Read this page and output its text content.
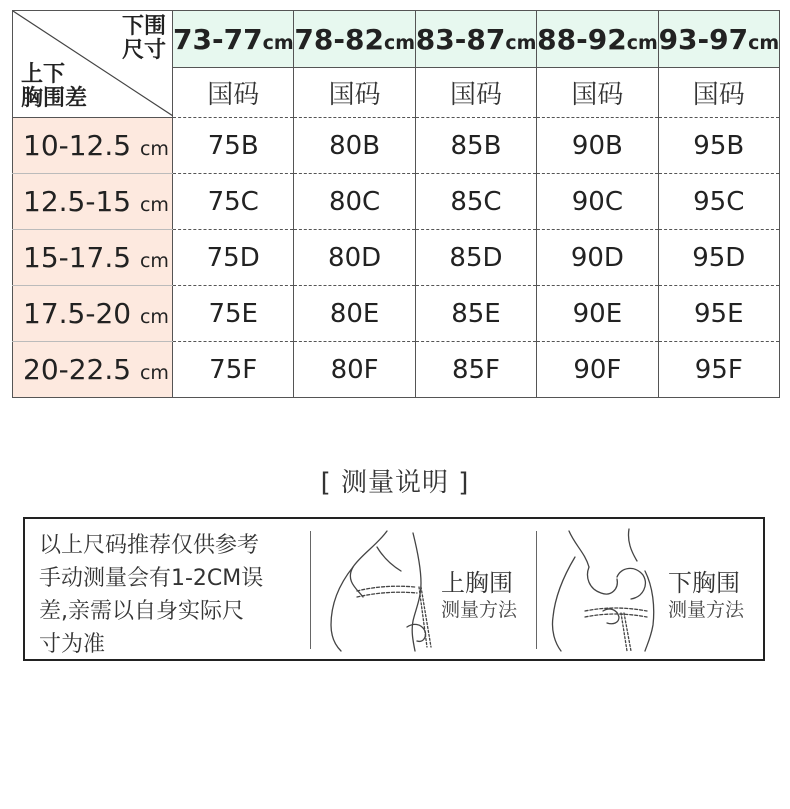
下围
尺寸
上下
胸围差	73-77cm	78-82cm	83-87cm	88-92cm	93-97cm
	国码	国码	国码	国码	国码
10-12.5 cm	75B	80B	85B	90B	95B
12.5-15 cm	75C	80C	85C	90C	95C
15-17.5 cm	75D	80D	85D	90D	95D
17.5-20 cm	75E	80E	85E	90E	95E
20-22.5 cm	75F	80F	85F	90F	95F
[ 测量说明 ]
以上尺码推荐仅供参考
手动测量会有1-2CM误
差,亲需以自身实际尺
寸为准
上胸围
测量方法
下胸围
测量方法
